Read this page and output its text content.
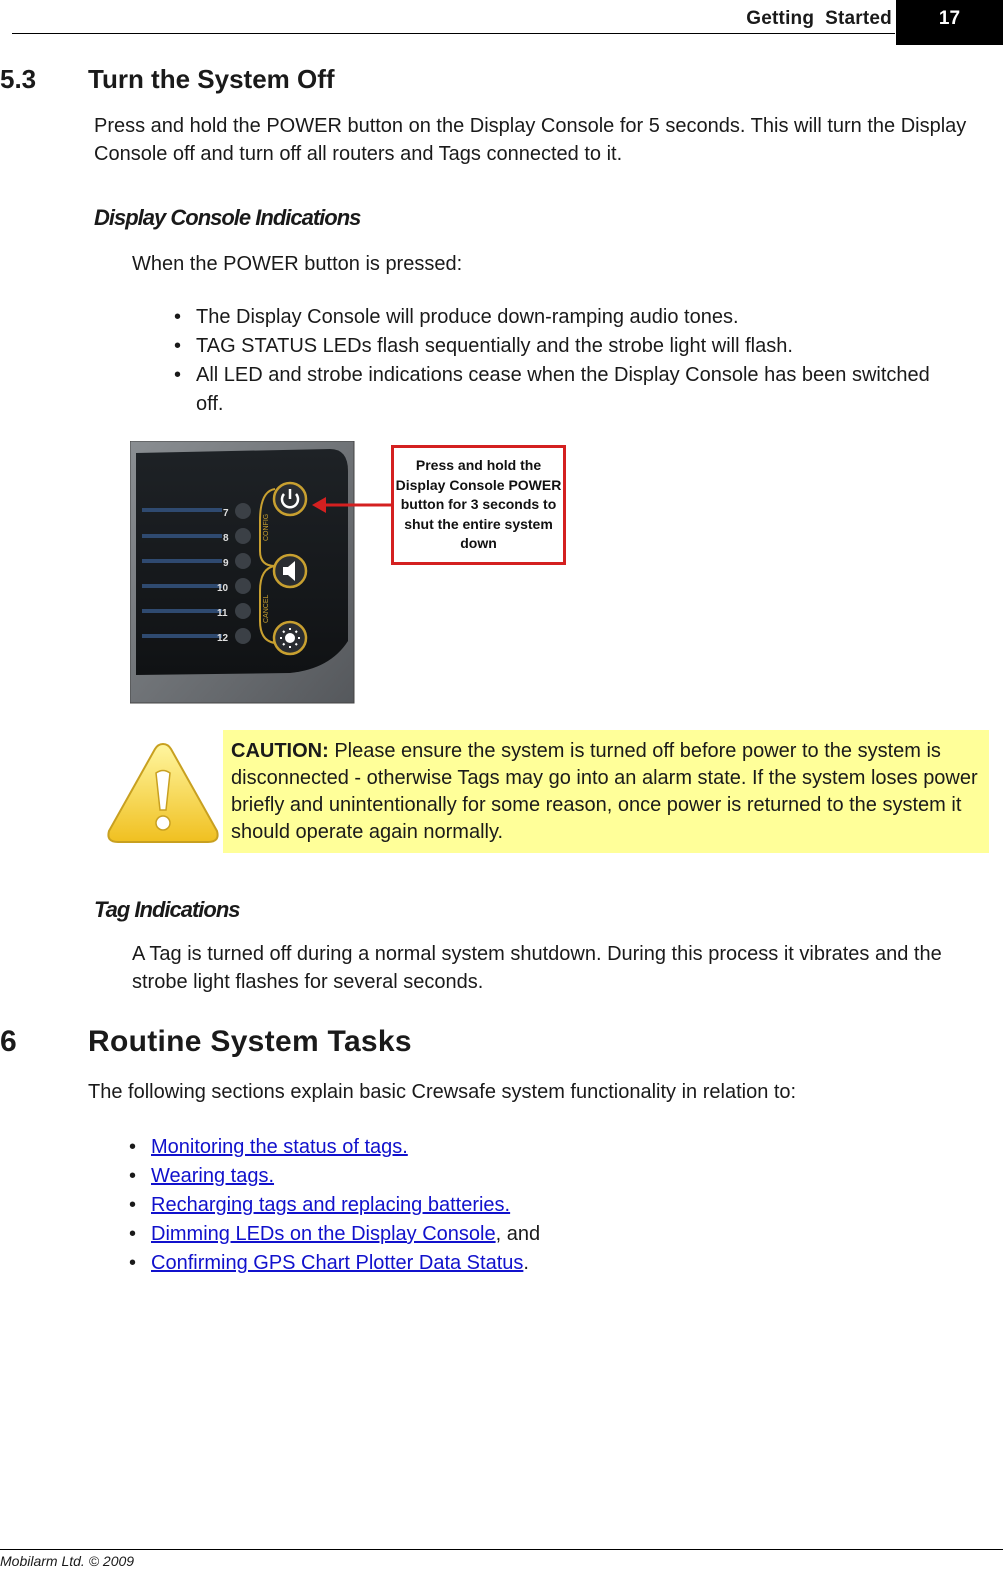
Getting  Started	17
5.3 Turn the System Off
Press and hold the POWER button on the Display Console for 5 seconds. This will turn the Display Console off and turn off all routers and Tags connected to it.
Display Console Indications
When the POWER button is pressed:
• The Display Console will produce down-ramping audio tones.
• TAG STATUS LEDs flash sequentially and the strobe light will flash.
• All LED and strobe indications cease when the Display Console has been switched off.
7
8
9
10
11
12
CONFIG
CANCEL
Press and hold the Display Console POWER button for 3 seconds to shut the entire system down
CAUTION: Please ensure the system is turned off before power to the system is disconnected - otherwise Tags may go into an alarm state. If the system loses power briefly and unintentionally for some reason, once power is returned to the system it should operate again normally.
Tag Indications
A Tag is turned off during a normal system shutdown. During this process it vibrates and the strobe light flashes for several seconds.
6 Routine System Tasks
The following sections explain basic Crewsafe system functionality in relation to:
• Monitoring the status of tags.
• Wearing tags.
• Recharging tags and replacing batteries.
• Dimming LEDs on the Display Console, and
• Confirming GPS Chart Plotter Data Status.
Mobilarm Ltd. © 2009
